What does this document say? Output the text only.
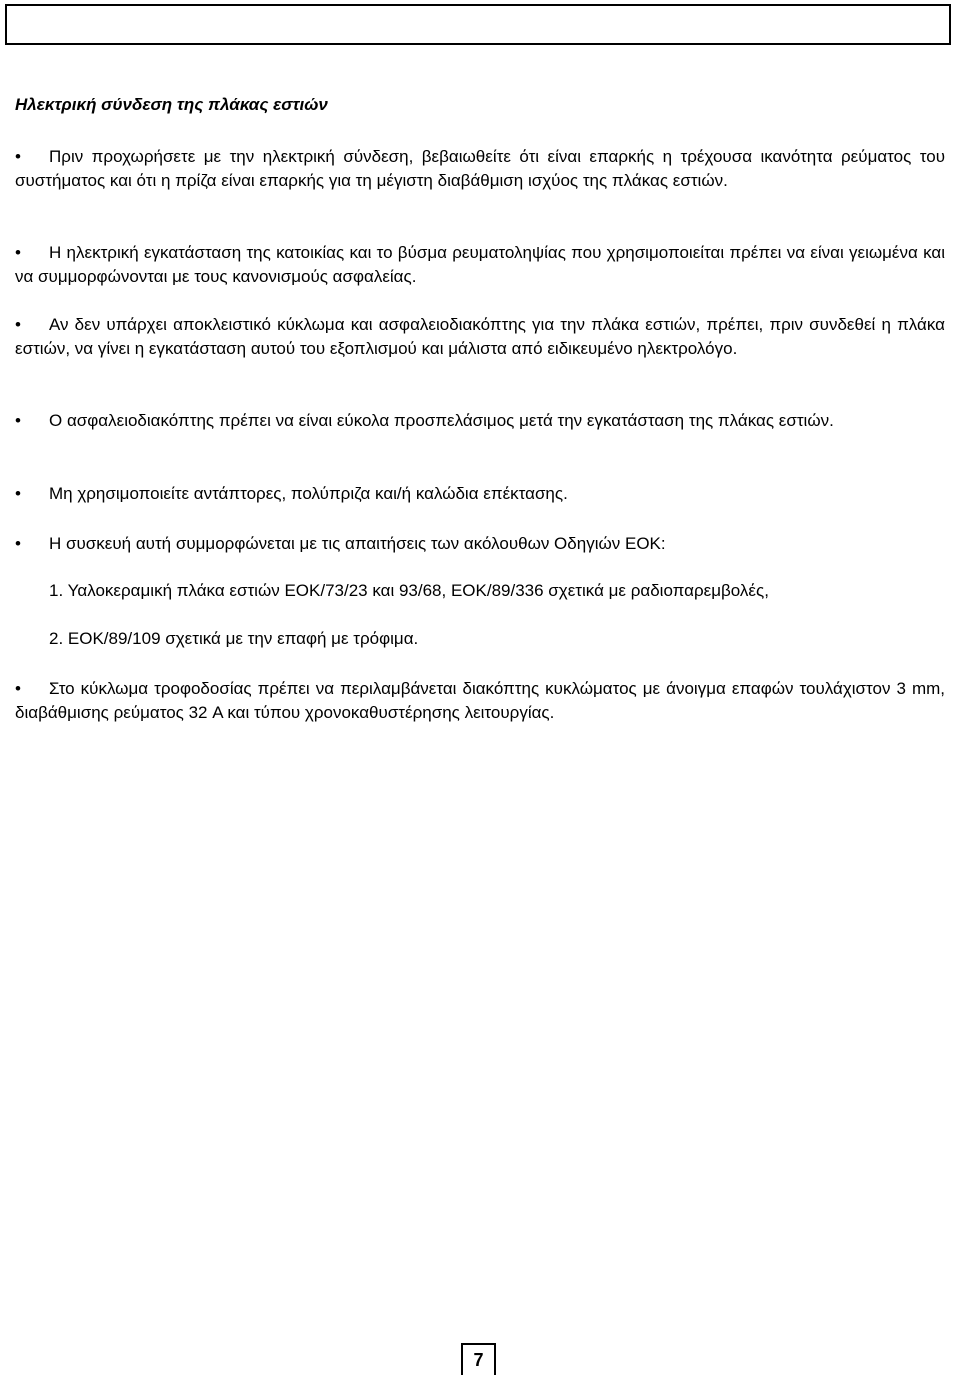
Ηλεκτρική σύνδεση της πλάκας εστιών
•	Πριν προχωρήσετε με την ηλεκτρική σύνδεση, βεβαιωθείτε ότι είναι επαρκής η τρέχουσα ικανότητα ρεύματος του συστήματος και ότι η πρίζα είναι επαρκής για τη μέγιστη διαβάθμιση ισχύος της πλάκας εστιών.

•	Η ηλεκτρική εγκατάσταση της κατοικίας και το βύσμα ρευματοληψίας που χρησιμοποιείται πρέπει να είναι γειωμένα και να συμμορφώνονται με τους κανονισμούς ασφαλείας.

•	Αν δεν υπάρχει αποκλειστικό κύκλωμα και ασφαλειοδιακόπτης για την πλάκα εστιών, πρέπει, πριν συνδεθεί η πλάκα εστιών, να γίνει η εγκατάσταση αυτού του εξοπλισμού και μάλιστα από ειδικευμένο ηλεκτρολόγο.

•	Ο ασφαλειοδιακόπτης πρέπει να είναι εύκολα προσπελάσιμος μετά την εγκατάσταση της πλάκας εστιών.

•	Μη χρησιμοποιείτε αντάπτορες, πολύπριζα και/ή καλώδια επέκτασης.

•	Η συσκευή αυτή συμμορφώνεται με τις απαιτήσεις των ακόλουθων Οδηγιών ΕΟΚ:

1. Υαλοκεραμική πλάκα εστιών ΕΟΚ/73/23 και 93/68, ΕΟΚ/89/336 σχετικά με ραδιοπαρεμβολές,

2. ΕΟΚ/89/109 σχετικά με την επαφή με τρόφιμα.

•	Στο κύκλωμα τροφοδοσίας πρέπει να περιλαμβάνεται διακόπτης κυκλώματος με άνοιγμα επαφών τουλάχιστον 3 mm, διαβάθμισης ρεύματος 32 A και τύπου χρονοκαθυστέρησης λειτουργίας.

7
